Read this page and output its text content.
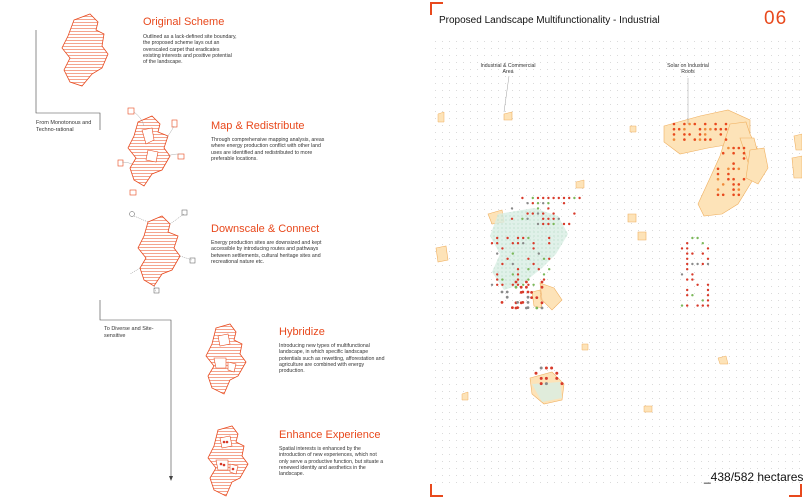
From Monotonous and Techno-rational
To Diverse and Site-sensitive
Original Scheme
Outlined as a lack-defined site boundary, the proposed scheme lays out an overscaled carpet that eradicates existing interests and positive potential of the landscape.
Map & Redistribute
Through comprehensive mapping analysis, areas where energy production conflict with other land uses are identified and redistributed to more preferable locations.
Downscale & Connect
Energy production sites are downsized and kept accessible by introducing routes and pathways between settlements, cultural heritage sites and recreational nature etc.
Hybridize
Introducing new types of multifunctional landscape, in which specific landscape potentials such as rewetting, afforestation and agriculture are combined with energy production.
Enhance Experience
Spatial interests is enhanced by the introduction of new experiences, which not only serve a productive function, but situate a renewed identity and aesthetics in the landscape.
Proposed Landscape Multifunctionality - Industrial	06
Industrial & Commercial Area
Solar on Industrial Roofs
_438/582 hectares
